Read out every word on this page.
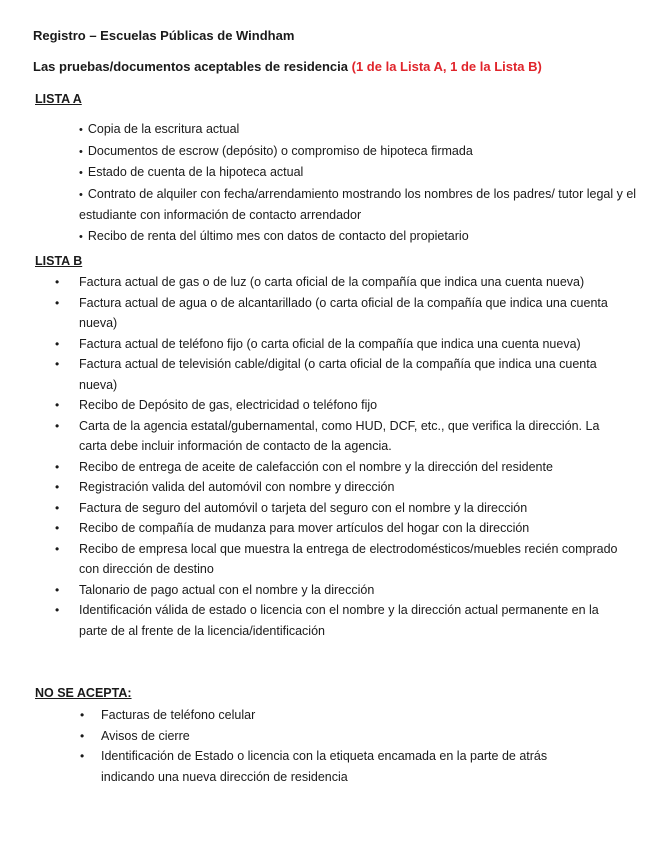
Registro – Escuelas Públicas de Windham
Las pruebas/documentos aceptables de residencia (1 de la Lista A, 1 de la Lista B)
LISTA A
• Copia de la escritura actual
• Documentos de escrow (depósito) o compromiso de hipoteca firmada
• Estado de cuenta de la hipoteca actual
• Contrato de alquiler con fecha/arrendamiento mostrando los nombres de los padres/ tutor legal y el estudiante con información de contacto arrendador
• Recibo de renta del último mes con datos de contacto del propietario
LISTA B
• Factura actual de gas o de luz (o carta oficial de la compañía que indica una cuenta nueva)
• Factura actual de agua o de alcantarillado (o carta oficial de la compañía que indica una cuenta nueva)
• Factura actual de teléfono fijo (o carta oficial de la compañía que indica una cuenta nueva)
• Factura actual de televisión cable/digital (o carta oficial de la compañía que indica una cuenta nueva)
• Recibo de Depósito de gas, electricidad o teléfono fijo
• Carta de la agencia estatal/gubernamental, como HUD, DCF, etc., que verifica la dirección. La carta debe incluir información de contacto de la agencia.
• Recibo de entrega de aceite de calefacción con el nombre y la dirección del residente
• Registración valida del automóvil con nombre y dirección
• Factura de seguro del automóvil o tarjeta del seguro con el nombre y la dirección
• Recibo de compañía de mudanza para mover artículos del hogar con la dirección
• Recibo de empresa local que muestra la entrega de electrodomésticos/muebles recién comprado con dirección de destino
• Talonario de pago actual con el nombre y la dirección
• Identificación válida de estado o licencia con el nombre y la dirección actual permanente en la parte de al frente de la licencia/identificación
NO SE ACEPTA:
• Facturas de teléfono celular
• Avisos de cierre
• Identificación de Estado o licencia con la etiqueta encamada en la parte de atrás indicando una nueva dirección de residencia
